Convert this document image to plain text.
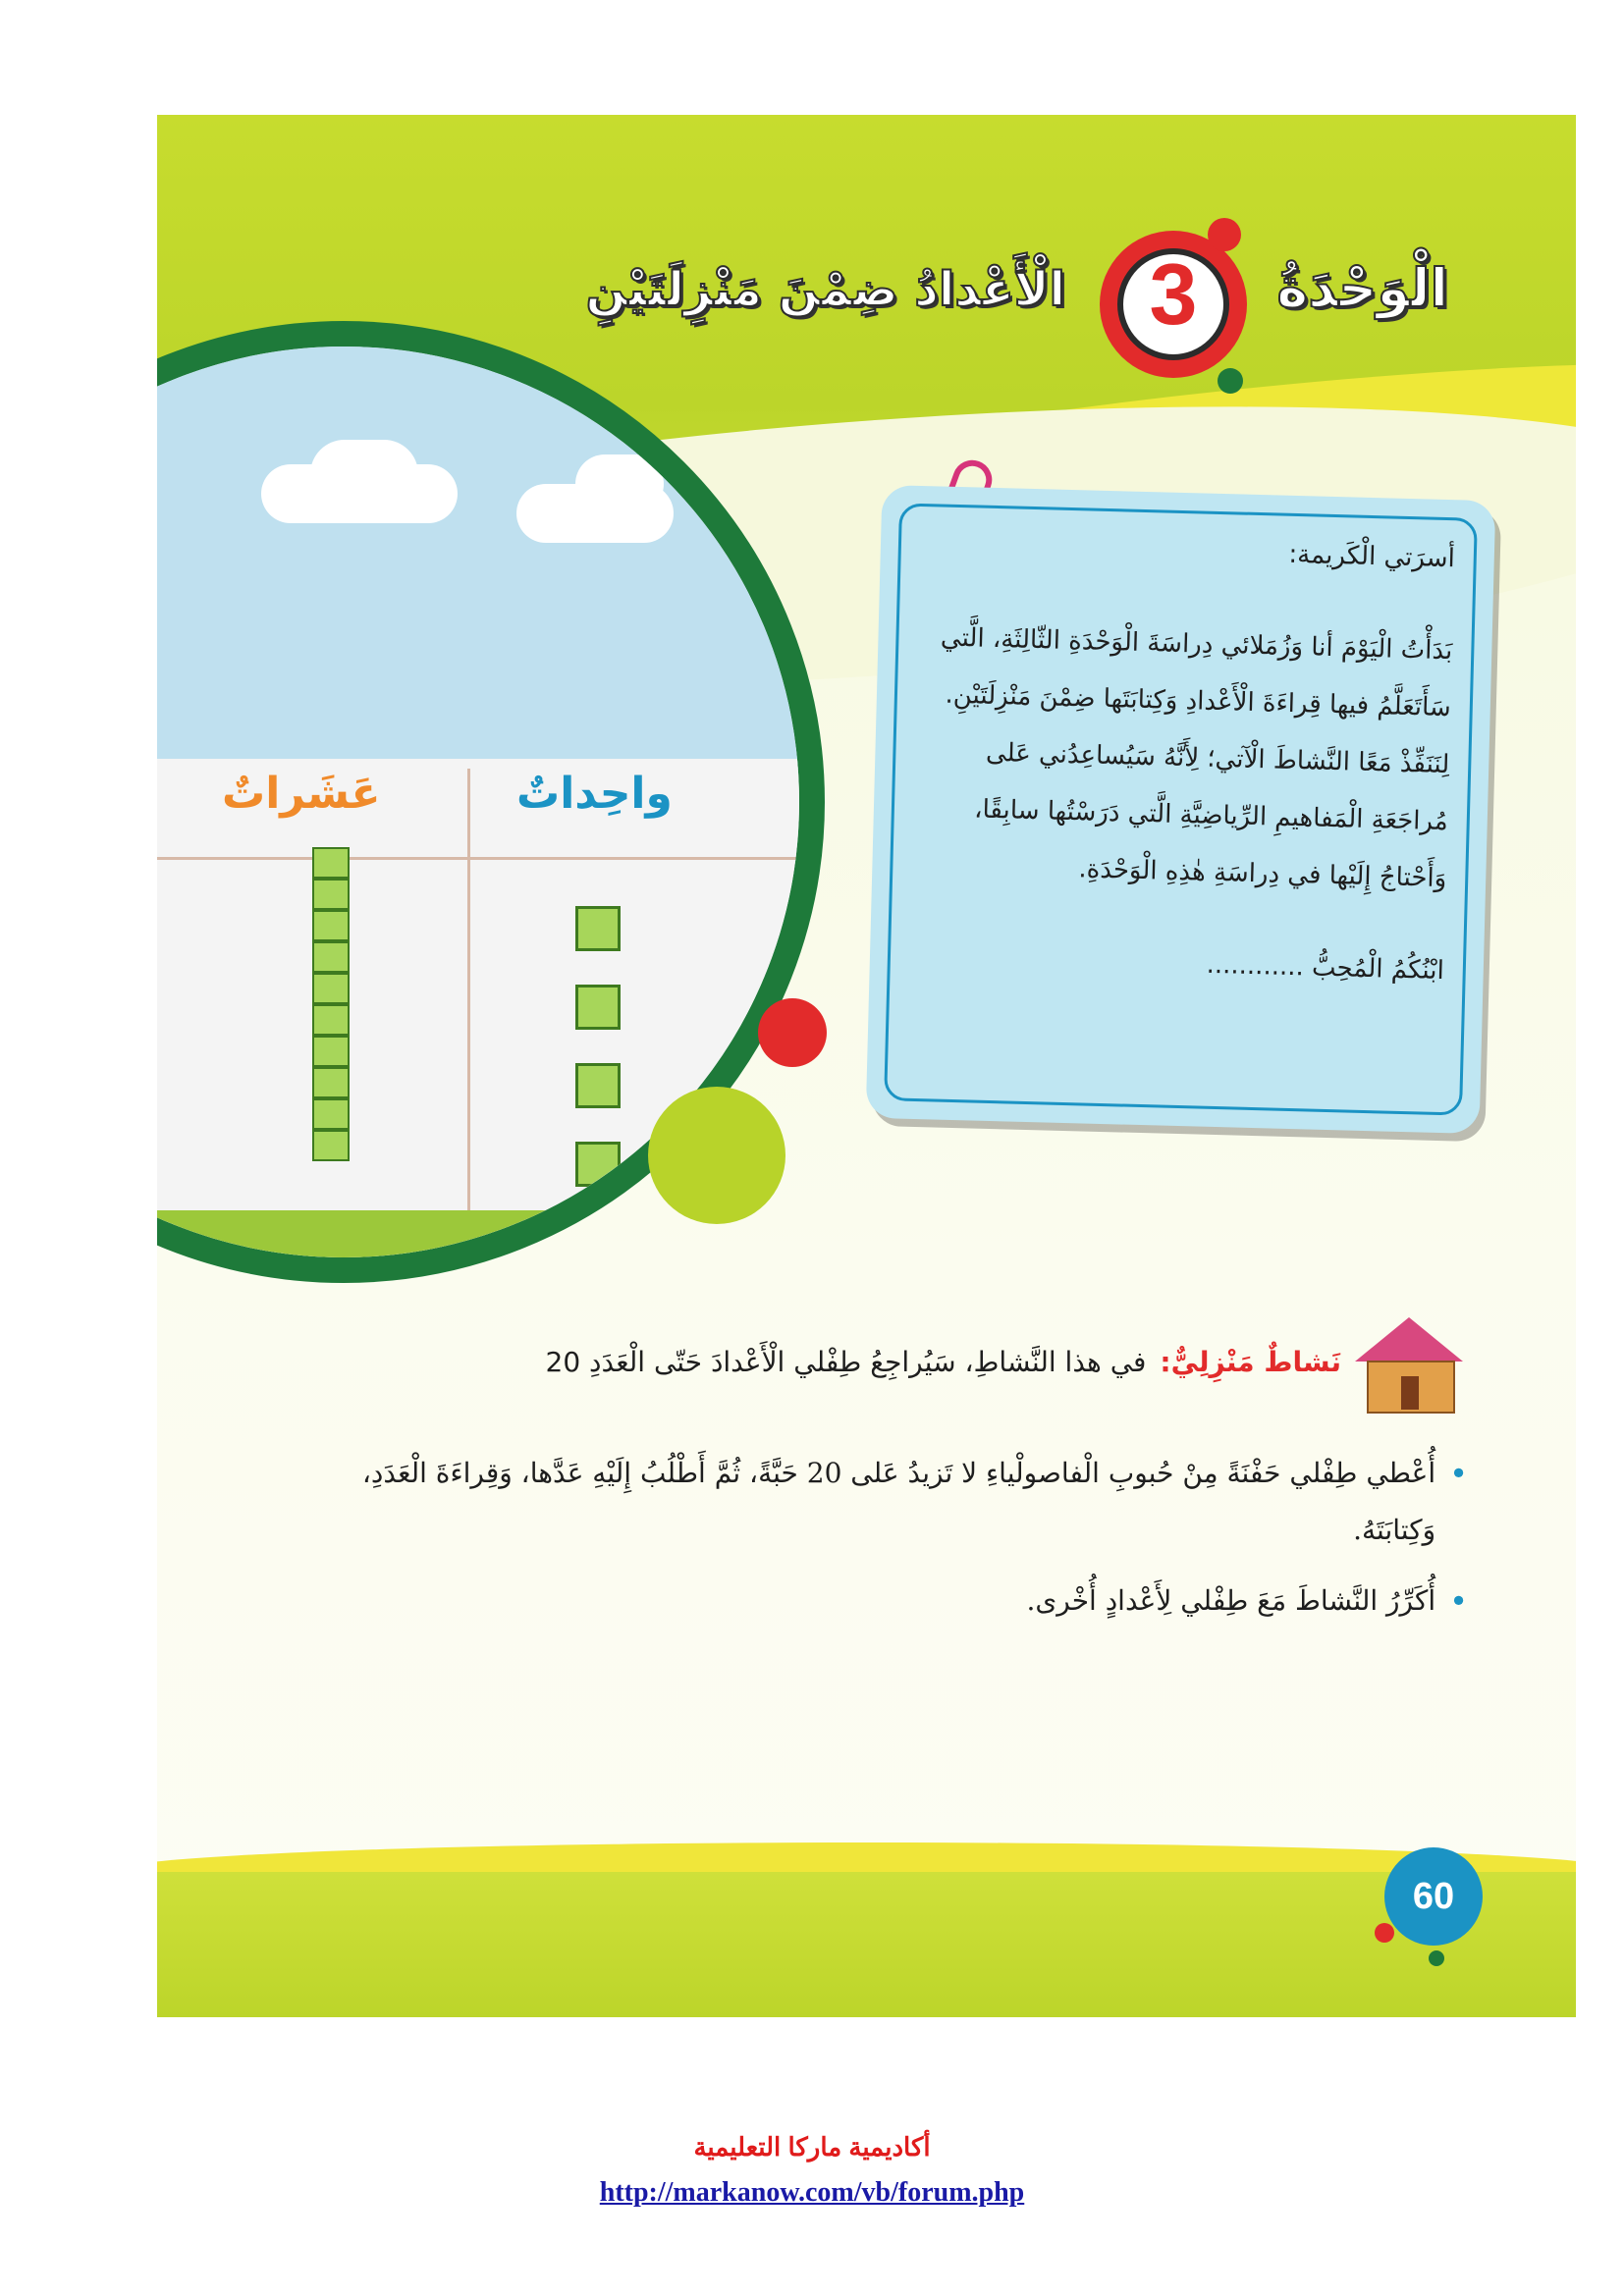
3	الْوَحْدَةُ
الْأَعْدادُ ضِمْنَ مَنْزِلَتَيْنِ
عَشَراتٌ	واحِداتٌ
أسرَتي الْكَريمة:
بَدَأْتُ الْيَوْمَ أنا وَزُمَلائي دِراسَةَ الْوَحْدَةِ الثّالِثَةِ، الَّتي سَأَتَعَلَّمُ فيها قِراءَةَ الْأَعْدادِ وَكِتابَتَها ضِمْنَ مَنْزِلَتَيْنِ. لِنَنَفِّذْ مَعًا النَّشاطَ الْآتي؛ لِأَنَّهُ سَيُساعِدُني عَلى مُراجَعَةِ الْمَفاهيمِ الرِّياضِيَّةِ الَّتي دَرَسْتُها سابِقًا، وَأَحْتاجُ إِلَيْها في دِراسَةِ هٰذِهِ الْوَحْدَةِ.
ابْنُكُمُ الْمُحِبُّ ............
نَشاطٌ مَنْزِلِيٌّ:
في هذا النَّشاطِ، سَيُراجِعُ طِفْلي الْأَعْدادَ حَتّى الْعَدَدِ 20
•
أُعْطي طِفْلي حَفْنَةً مِنْ حُبوبِ الْفاصولْياءِ لا تَزيدُ عَلى 20 حَبَّةً، ثُمَّ أَطْلُبُ إِلَيْهِ عَدَّها، وَقِراءَةَ الْعَدَدِ، وَكِتابَتَهُ.
•
أُكَرِّرُ النَّشاطَ مَعَ طِفْلي لِأَعْدادٍ أُخْرى.
60
أكاديمية ماركا التعليمية
http://markanow.com/vb/forum.php
